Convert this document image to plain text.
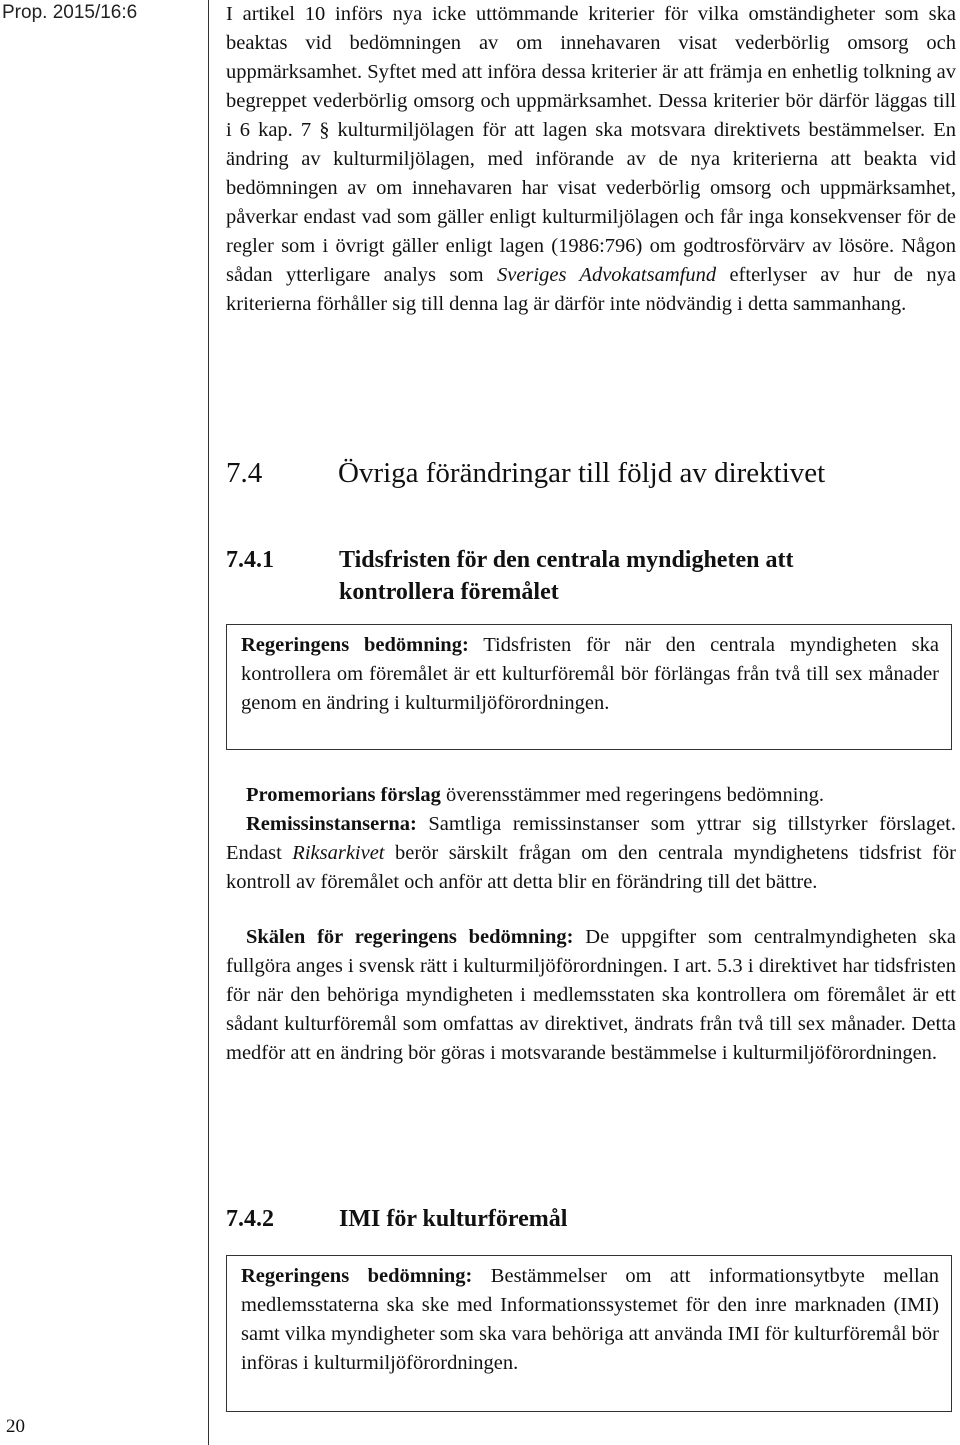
Prop. 2015/16:6
20

I artikel 10 införs nya icke uttömmande kriterier för vilka omständigheter som ska beaktas vid bedömningen av om innehavaren visat vederbörlig omsorg och uppmärksamhet. Syftet med att införa dessa kriterier är att främja en enhetlig tolkning av begreppet vederbörlig omsorg och uppmärksamhet. Dessa kriterier bör därför läggas till i 6 kap. 7 § kulturmiljölagen för att lagen ska motsvara direktivets bestämmelser. En ändring av kulturmiljölagen, med införande av de nya kriterierna att beakta vid bedömningen av om innehavaren har visat vederbörlig omsorg och uppmärksamhet, påverkar endast vad som gäller enligt kulturmiljölagen och får inga konsekvenser för de regler som i övrigt gäller enligt lagen (1986:796) om godtrosförvärv av lösöre. Någon sådan ytterligare analys som Sveriges Advokatsamfund efterlyser av hur de nya kriterierna förhåller sig till denna lag är därför inte nödvändig i detta sammanhang.

7.4	Övriga förändringar till följd av direktivet
7.4.1	Tidsfristen för den centrala myndigheten att
kontrollera föremålet

Regeringens bedömning: Tidsfristen för när den centrala myndigheten ska kontrollera om föremålet är ett kulturföremål bör förlängas från två till sex månader genom en ändring i kulturmiljöförordningen.

Promemorians förslag överensstämmer med regeringens bedömning.

Remissinstanserna: Samtliga remissinstanser som yttrar sig tillstyrker förslaget. Endast Riksarkivet berör särskilt frågan om den centrala myndighetens tidsfrist för kontroll av föremålet och anför att detta blir en förändring till det bättre.

Skälen för regeringens bedömning: De uppgifter som centralmyndigheten ska fullgöra anges i svensk rätt i kulturmiljöförordningen. I art. 5.3 i direktivet har tidsfristen för när den behöriga myndigheten i medlemsstaten ska kontrollera om föremålet är ett sådant kulturföremål som omfattas av direktivet, ändrats från två till sex månader. Detta medför att en ändring bör göras i motsvarande bestämmelse i kulturmiljöförordningen.

7.4.2	IMI för kulturföremål

Regeringens bedömning: Bestämmelser om att informationsytbyte mellan medlemsstaterna ska ske med Informationssystemet för den inre marknaden (IMI) samt vilka myndigheter som ska vara behöriga att använda IMI för kulturföremål bör införas i kulturmiljöförordningen.
